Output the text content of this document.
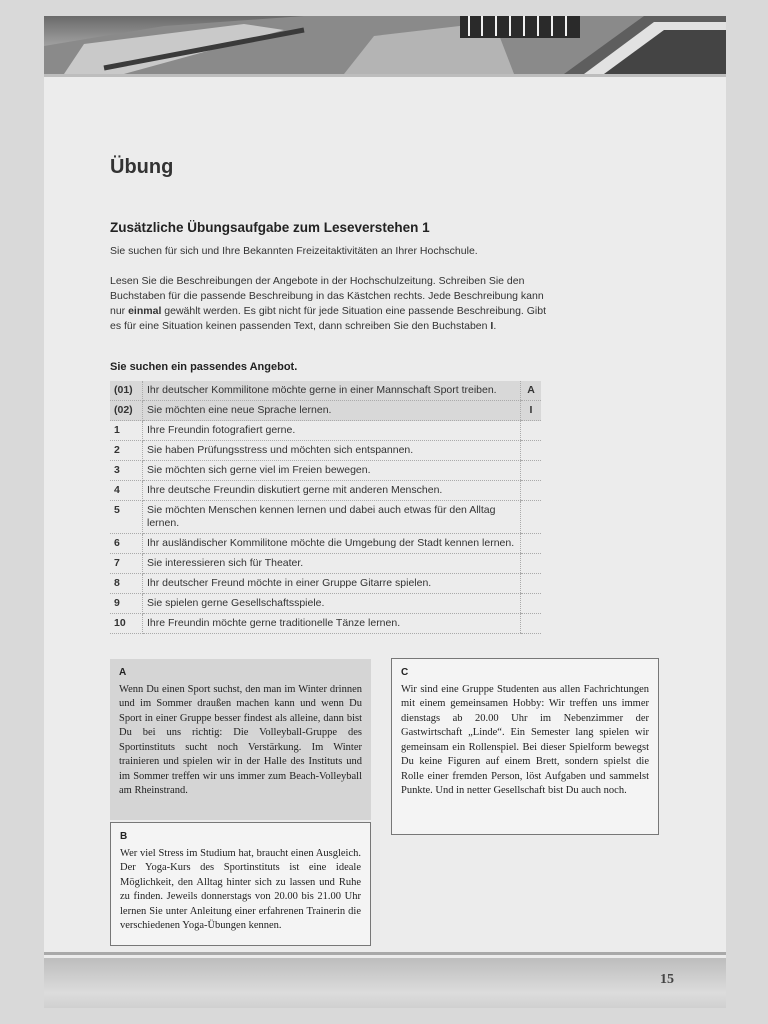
Übung
Zusätzliche Übungsaufgabe zum Leseverstehen 1
Sie suchen für sich und Ihre Bekannten Freizeitaktivitäten an Ihrer Hochschule.
Lesen Sie die Beschreibungen der Angebote in der Hochschulzeitung. Schreiben Sie den Buchstaben für die passende Beschreibung in das Kästchen rechts. Jede Beschreibung kann nur einmal gewählt werden. Es gibt nicht für jede Situation eine passende Beschreibung. Gibt es für eine Situation keinen passenden Text, dann schreiben Sie den Buchstaben I.
Sie suchen ein passendes Angebot.
(01)	Ihr deutscher Kommilitone möchte gerne in einer Mannschaft Sport treiben.	A
(02)	Sie möchten eine neue Sprache lernen.	I
1	Ihre Freundin fotografiert gerne.	
2	Sie haben Prüfungsstress und möchten sich entspannen.	
3	Sie möchten sich gerne viel im Freien bewegen.	
4	Ihre deutsche Freundin diskutiert gerne mit anderen Menschen.	
5	Sie möchten Menschen kennen lernen und dabei auch etwas für den Alltag lernen.	
6	Ihr ausländischer Kommilitone möchte die Umgebung der Stadt kennen lernen.	
7	Sie interessieren sich für Theater.	
8	Ihr deutscher Freund möchte in einer Gruppe Gitarre spielen.	
9	Sie spielen gerne Gesellschaftsspiele.	
10	Ihre Freundin möchte gerne traditionelle Tänze lernen.	
A
Wenn Du einen Sport suchst, den man im Winter drinnen und im Sommer draußen machen kann und wenn Du Sport in einer Gruppe besser findest als alleine, dann bist Du bei uns richtig: Die Volleyball-Gruppe des Sportinstituts sucht noch Verstärkung. Im Winter trainieren und spielen wir in der Halle des Instituts und im Sommer treffen wir uns immer zum Beach-Volleyball am Rheinstrand.
B
Wer viel Stress im Studium hat, braucht einen Ausgleich. Der Yoga-Kurs des Sportinstituts ist eine ideale Möglichkeit, den Alltag hinter sich zu lassen und Ruhe zu finden. Jeweils donnerstags von 20.00 bis 21.00 Uhr lernen Sie unter Anleitung einer erfahrenen Trainerin die verschiedenen Yoga-Übungen kennen.
C
Wir sind eine Gruppe Studenten aus allen Fachrichtungen mit einem gemeinsamen Hobby: Wir treffen uns immer dienstags ab 20.00 Uhr im Nebenzimmer der Gastwirtschaft „Linde“. Ein Semester lang spielen wir gemeinsam ein Rollenspiel. Bei dieser Spielform bewegst Du keine Figuren auf einem Brett, sondern spielst die Rolle einer fremden Person, löst Aufgaben und sammelst Punkte. Und in netter Gesellschaft bist Du auch noch.
15
